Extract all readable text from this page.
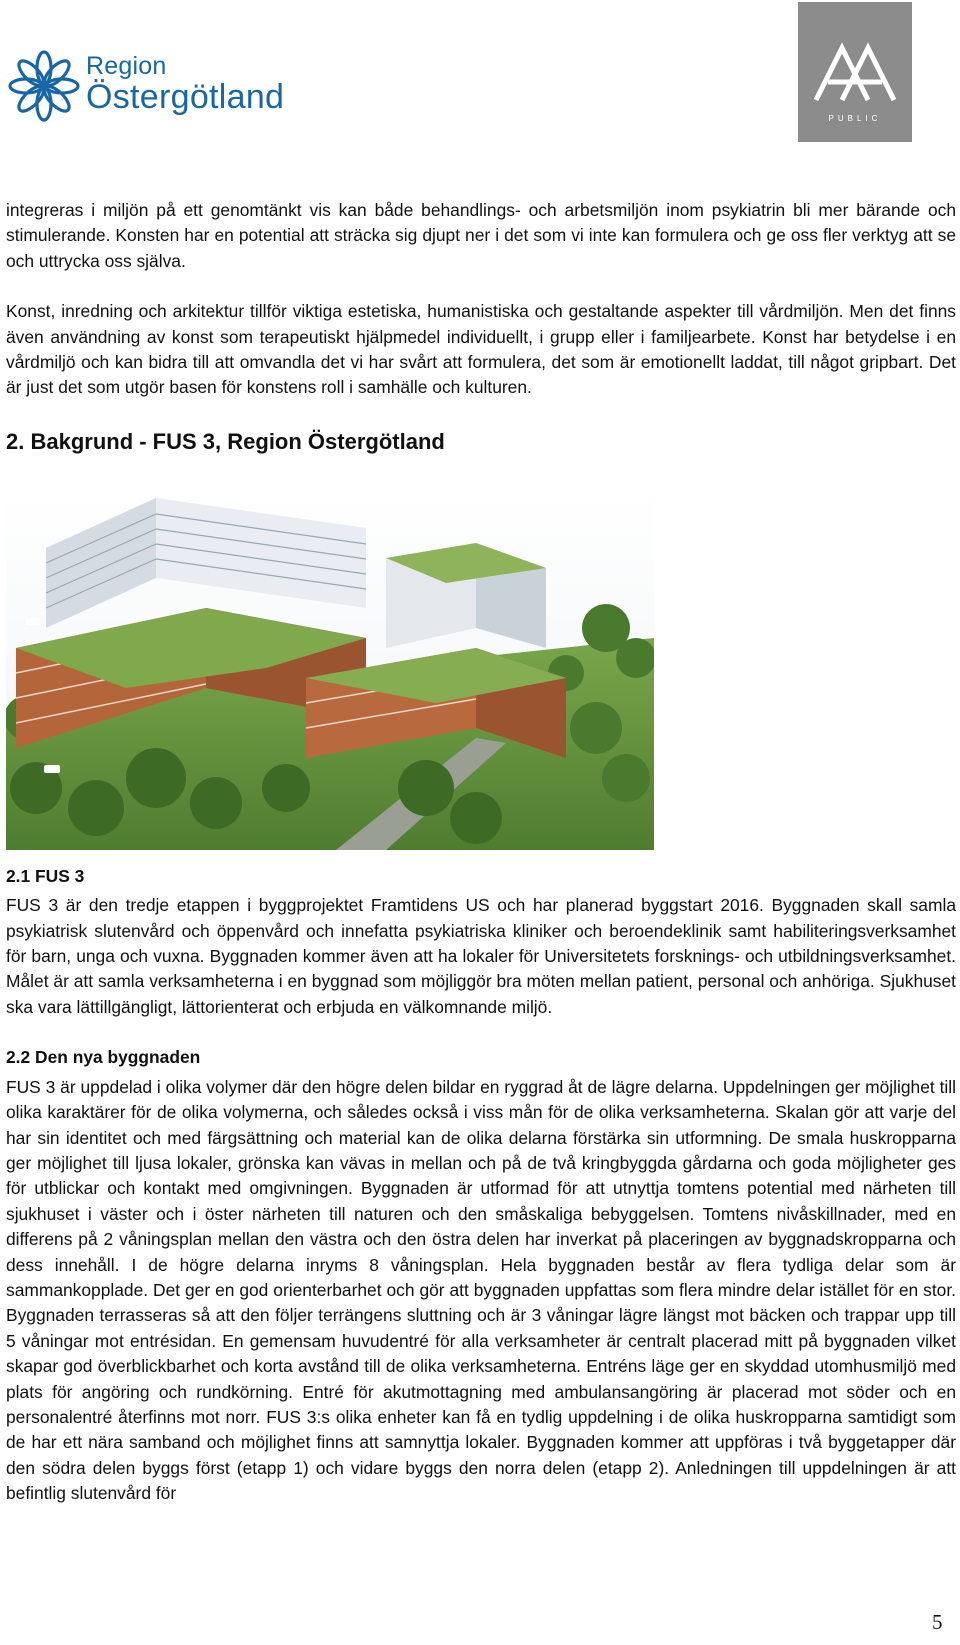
Region
Östergötland
PUBLIC

integreras i miljön på ett genomtänkt vis kan både behandlings- och arbetsmiljön inom psykiatrin bli mer bärande och stimulerande. Konsten har en potential att sträcka sig djupt ner i det som vi inte kan formulera och ge oss fler verktyg att se och uttrycka oss själva.

Konst, inredning och arkitektur tillför viktiga estetiska, humanistiska och gestaltande aspekter till vårdmiljön. Men det finns även användning av konst som terapeutiskt hjälpmedel individuellt, i grupp eller i familjearbete. Konst har betydelse i en vårdmiljö och kan bidra till att omvandla det vi har svårt att formulera, det som är emotionellt laddat, till något gripbart. Det är just det som utgör basen för konstens roll i samhälle och kulturen.

2. Bakgrund - FUS 3, Region Östergötland
2.1 FUS 3

FUS 3 är den tredje etappen i byggprojektet Framtidens US och har planerad byggstart 2016. Byggnaden skall samla psykiatrisk slutenvård och öppenvård och innefatta psykiatriska kliniker och beroendeklinik samt habiliteringsverksamhet för barn, unga och vuxna. Byggnaden kommer även att ha lokaler för Universitetets forsknings- och utbildningsverksamhet. Målet är att samla verksamheterna i en byggnad som möjliggör bra möten mellan patient, personal och anhöriga. Sjukhuset ska vara lättillgängligt, lättorienterat och erbjuda en välkomnande miljö.

2.2 Den nya byggnaden

FUS 3 är uppdelad i olika volymer där den högre delen bildar en ryggrad åt de lägre delarna. Uppdelningen ger möjlighet till olika karaktärer för de olika volymerna, och således också i viss mån för de olika verksamheterna. Skalan gör att varje del har sin identitet och med färgsättning och material kan de olika delarna förstärka sin utformning. De smala huskropparna ger möjlighet till ljusa lokaler, grönska kan vävas in mellan och på de två kringbyggda gårdarna och goda möjligheter ges för utblickar och kontakt med omgivningen. Byggnaden är utformad för att utnyttja tomtens potential med närheten till sjukhuset i väster och i öster närheten till naturen och den småskaliga bebyggelsen. Tomtens nivåskillnader, med en differens på 2 våningsplan mellan den västra och den östra delen har inverkat på placeringen av byggnadskropparna och dess innehåll. I de högre delarna inryms 8 våningsplan. Hela byggnaden består av flera tydliga delar som är sammankopplade. Det ger en god orienterbarhet och gör att byggnaden uppfattas som flera mindre delar istället för en stor. Byggnaden terrasseras så att den följer terrängens sluttning och är 3 våningar lägre längst mot bäcken och trappar upp till 5 våningar mot entrésidan. En gemensam huvudentré för alla verksamheter är centralt placerad mitt på byggnaden vilket skapar god överblickbarhet och korta avstånd till de olika verksamheterna. Entréns läge ger en skyddad utomhusmiljö med plats för angöring och rundkörning. Entré för akutmottagning med ambulansangöring är placerad mot söder och en personalentré återfinns mot norr. FUS 3:s olika enheter kan få en tydlig uppdelning i de olika huskropparna samtidigt som de har ett nära samband och möjlighet finns att samnyttja lokaler. Byggnaden kommer att uppföras i två byggetapper där den södra delen byggs först (etapp 1) och vidare byggs den norra delen (etapp 2). Anledningen till uppdelningen är att befintlig slutenvård för

5
